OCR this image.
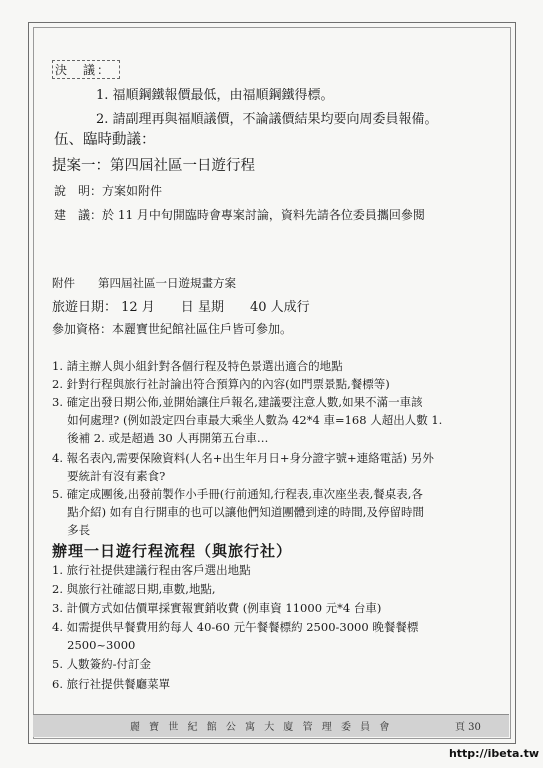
決　議：
1. 福順鋼鐵報價最低，由福順鋼鐵得標。
2. 請副理再與福順議價，不論議價結果均要向周委員報備。
伍、臨時動議：
提案一：第四屆社區一日遊行程
說　明：方案如附件
建　議：於 11 月中旬開臨時會專案討論，資料先請各位委員攜回參閱
附件　　第四屆社區一日遊規畫方案
旅遊日期： 12 月　　日 星期　　40 人成行
參加資格：本麗寶世紀館社區住戶皆可參加。
1. 請主辦人與小組針對各個行程及特色景選出適合的地點
2. 針對行程與旅行社討論出符合預算內的內容(如門票景點,餐標等)
3. 確定出發日期公佈,並開始讓住戶報名,建議要注意人數,如果不滿一車該
　 如何處理? (例如設定四台車最大乘坐人數為 42*4 車=168 人超出人數 1.
　 後補 2. 或是超過 30 人再開第五台車…
4. 報名表內,需要保險資料(人名+出生年月日+身分證字號+連絡電話) 另外
　 要統計有沒有素食?
5. 確定成團後,出發前製作小手冊(行前通知,行程表,車次座坐表,餐桌表,各
　 點介紹) 如有自行開車的也可以讓他們知道團體到達的時間,及停留時間
　 多長
辦理一日遊行程流程（與旅行社）
1. 旅行社提供建議行程由客戶選出地點
2. 與旅行社確認日期,車數,地點,
3. 計價方式如估價單採實報實銷收費 (例車資 11000 元*4 台車)
4. 如需提供早餐費用約每人 40-60 元午餐餐標約 2500-3000 晚餐餐標
　 2500~3000
5. 人數簽約-付訂金
6. 旅行社提供餐廳菜單
麗 寶 世 紀 館 公 寓 大 廈 管 理 委 員 會	頁 30
http://ibeta.tw
